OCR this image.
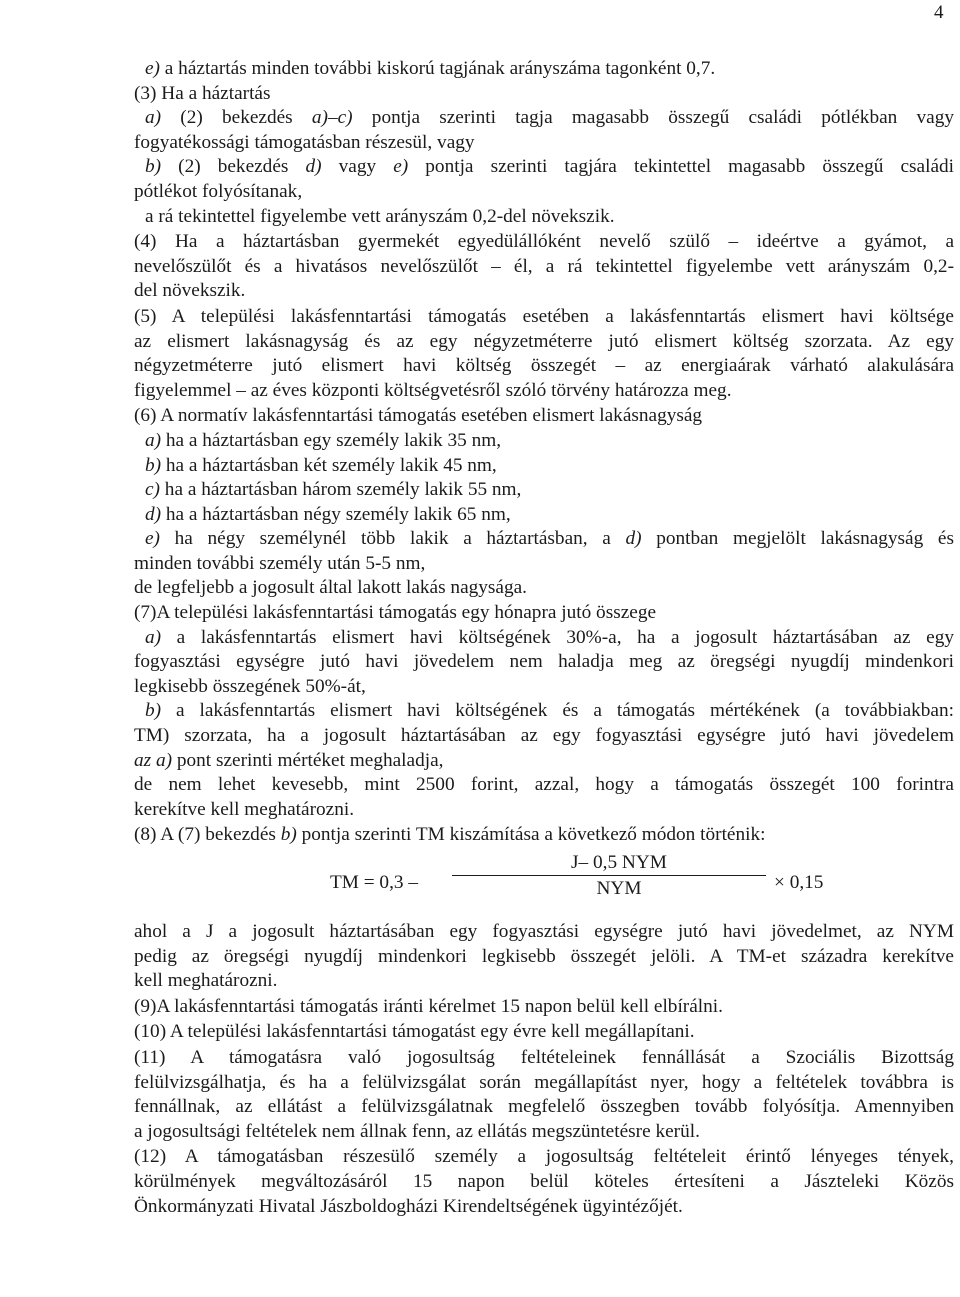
4
e) a háztartás minden további kiskorú tagjának arányszáma tagonként 0,7.
(3) Ha a háztartás
a) (2) bekezdés a)–c) pontja szerinti tagja magasabb összegű családi pótlékban vagy
fogyatékossági támogatásban részesül, vagy
b) (2) bekezdés d) vagy e) pontja szerinti tagjára tekintettel magasabb összegű családi
pótlékot folyósítanak,
a rá tekintettel figyelembe vett arányszám 0,2-del növekszik.
(4) Ha a háztartásban gyermekét egyedülállóként nevelő szülő – ideértve a gyámot, a
nevelőszülőt és a hivatásos nevelőszülőt – él, a rá tekintettel figyelembe vett arányszám 0,2-
del növekszik.
(5) A települési lakásfenntartási támogatás esetében a lakásfenntartás elismert havi költsége
az elismert lakásnagyság és az egy négyzetméterre jutó elismert költség szorzata. Az egy
négyzetméterre jutó elismert havi költség összegét – az energiaárak várható alakulására
figyelemmel – az éves központi költségvetésről szóló törvény határozza meg.
(6) A normatív lakásfenntartási támogatás esetében elismert lakásnagyság
a) ha a háztartásban egy személy lakik 35 nm,
b) ha a háztartásban két személy lakik 45 nm,
c) ha a háztartásban három személy lakik 55 nm,
d) ha a háztartásban négy személy lakik 65 nm,
e) ha négy személynél több lakik a háztartásban, a d) pontban megjelölt lakásnagyság és
minden további személy után 5-5 nm,
de legfeljebb a jogosult által lakott lakás nagysága.
(7)A települési lakásfenntartási támogatás egy hónapra jutó összege
a) a lakásfenntartás elismert havi költségének 30%-a, ha a jogosult háztartásában az egy
fogyasztási egységre jutó havi jövedelem nem haladja meg az öregségi nyugdíj mindenkori
legkisebb összegének 50%-át,
b) a lakásfenntartás elismert havi költségének és a támogatás mértékének (a továbbiakban:
TM) szorzata, ha a jogosult háztartásában az egy fogyasztási egységre jutó havi jövedelem
az a) pont szerinti mértéket meghaladja,
de nem lehet kevesebb, mint 2500 forint, azzal, hogy a támogatás összegét 100 forintra
kerekítve kell meghatározni.
(8) A (7) bekezdés b) pontja szerinti TM kiszámítása a következő módon történik:
TM = 0,3 –
J– 0,5 NYM
NYM	× 0,15
ahol a J a jogosult háztartásában egy fogyasztási egységre jutó havi jövedelmet, az NYM
pedig az öregségi nyugdíj mindenkori legkisebb összegét jelöli. A TM-et századra kerekítve
kell meghatározni.
(9)A lakásfenntartási támogatás iránti kérelmet 15 napon belül kell elbírálni.
(10) A települési lakásfenntartási támogatást egy évre kell megállapítani.
(11) A támogatásra való jogosultság feltételeinek fennállását a Szociális Bizottság
felülvizsgálhatja, és ha a felülvizsgálat során megállapítást nyer, hogy a feltételek továbbra is
fennállnak, az ellátást a felülvizsgálatnak megfelelő összegben tovább folyósítja. Amennyiben
a jogosultsági feltételek nem állnak fenn, az ellátás megszüntetésre kerül.
(12) A támogatásban részesülő személy a jogosultság feltételeit érintő lényeges tények,
körülmények megváltozásáról 15 napon belül köteles értesíteni a Jászteleki Közös
Önkormányzati Hivatal Jászboldogházi Kirendeltségének ügyintézőjét.
